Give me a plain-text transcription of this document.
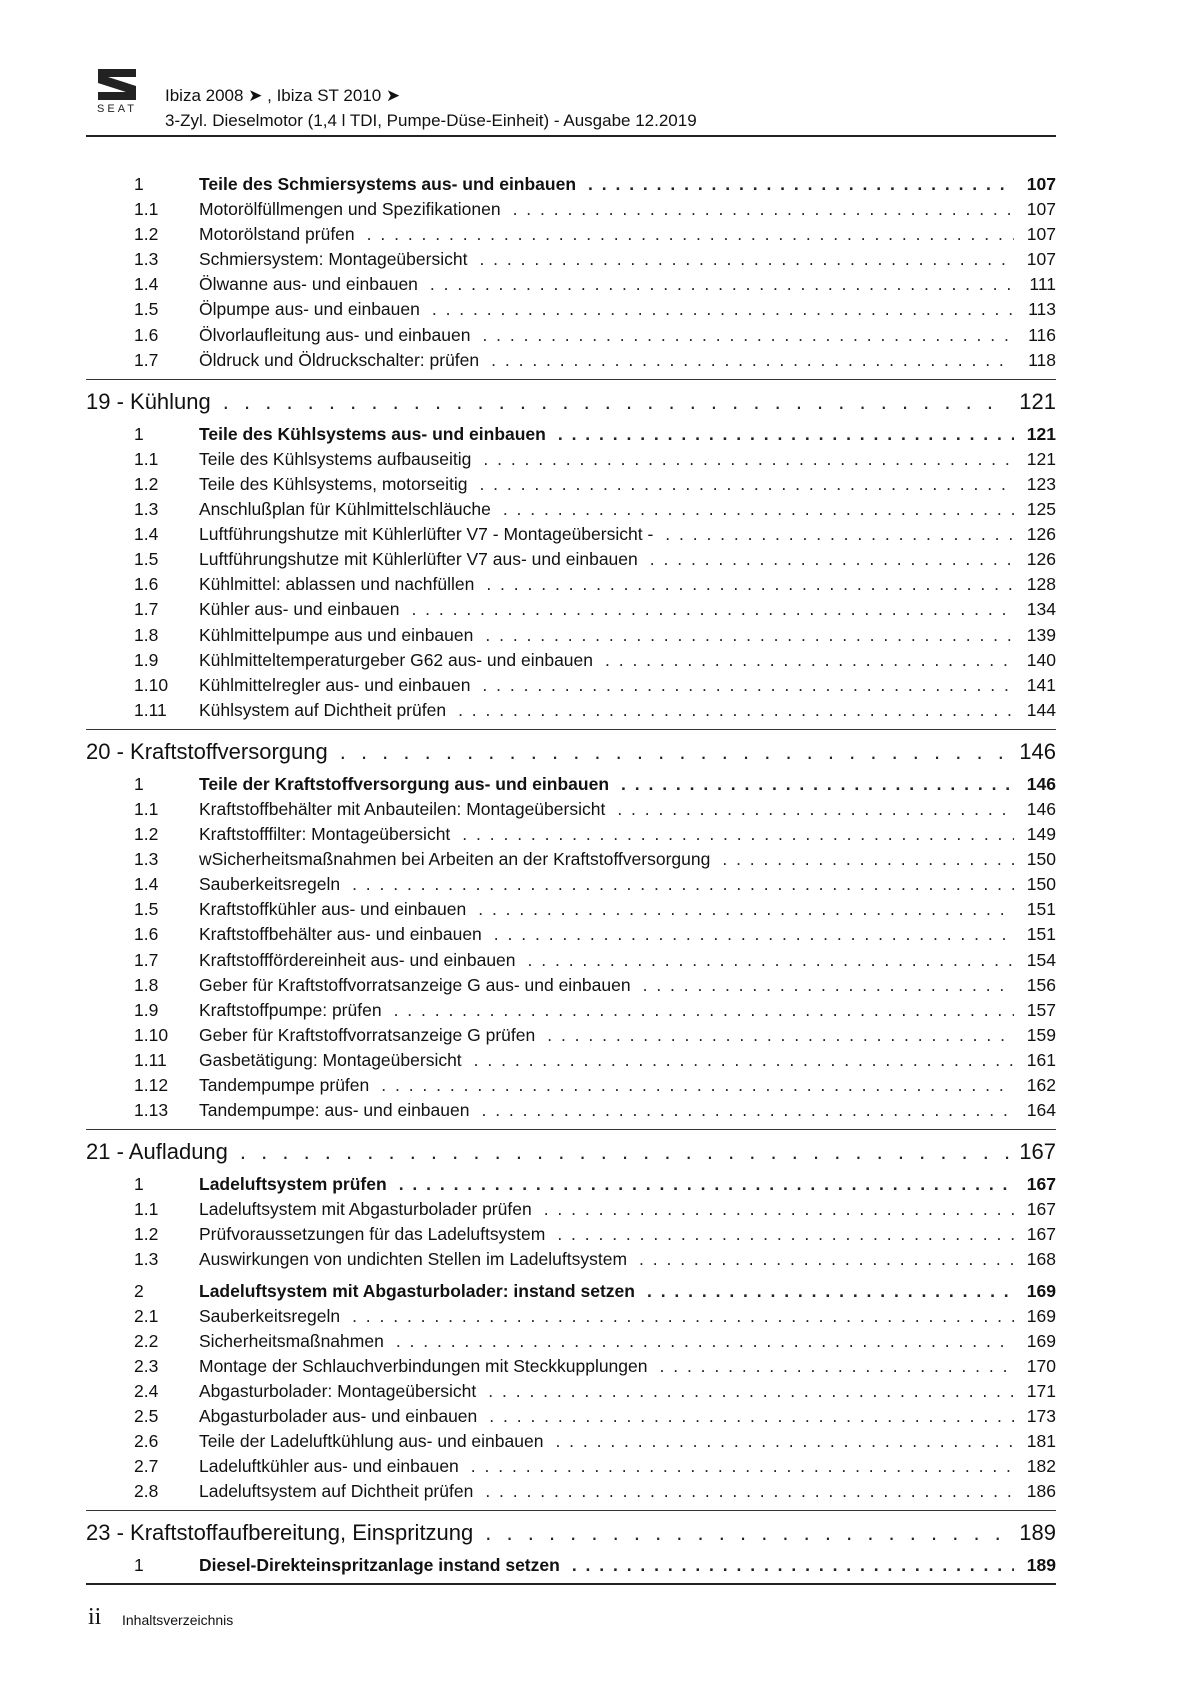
SEAT
Ibiza 2008 ➤ , Ibiza ST 2010 ➤
3-Zyl. Dieselmotor (1,4 l TDI, Pumpe-Düse-Einheit) - Ausgabe 12.2019
1	Teile des Schmiersystems aus- und einbauen . . .	107
1.1	Motorölfüllmengen und Spezifikationen . . .	107
1.2	Motorölstand prüfen . . .	107
1.3	Schmiersystem: Montageübersicht . . .	107
1.4	Ölwanne aus- und einbauen . . .	111
1.5	Ölpumpe aus- und einbauen . . .	113
1.6	Ölvorlaufleitung aus- und einbauen . . .	116
1.7	Öldruck und Öldruckschalter: prüfen . . .	118
19 - Kühlung . . .	121
1	Teile des Kühlsystems aus- und einbauen . . .	121
1.1	Teile des Kühlsystems aufbauseitig . . .	121
1.2	Teile des Kühlsystems, motorseitig . . .	123
1.3	Anschlußplan für Kühlmittelschläuche . . .	125
1.4	Luftführungshutze mit Kühlerlüfter V7 - Montageübersicht - . . .	126
1.5	Luftführungshutze mit Kühlerlüfter V7 aus- und einbauen . . .	126
1.6	Kühlmittel: ablassen und nachfüllen . . .	128
1.7	Kühler aus- und einbauen . . .	134
1.8	Kühlmittelpumpe aus und einbauen . . .	139
1.9	Kühlmitteltemperaturgeber G62 aus- und einbauen . . .	140
1.10	Kühlmittelregler aus- und einbauen . . .	141
1.11	Kühlsystem auf Dichtheit prüfen . . .	144
20 - Kraftstoffversorgung . . .	146
1	Teile der Kraftstoffversorgung aus- und einbauen . . .	146
1.1	Kraftstoffbehälter mit Anbauteilen: Montageübersicht . . .	146
1.2	Kraftstofffilter: Montageübersicht . . .	149
1.3	wSicherheitsmaßnahmen bei Arbeiten an der Kraftstoffversorgung . . .	150
1.4	Sauberkeitsregeln . . .	150
1.5	Kraftstoffkühler aus- und einbauen . . .	151
1.6	Kraftstoffbehälter aus- und einbauen . . .	151
1.7	Kraftstofffördereinheit aus- und einbauen . . .	154
1.8	Geber für Kraftstoffvorratsanzeige G aus- und einbauen . . .	156
1.9	Kraftstoffpumpe: prüfen . . .	157
1.10	Geber für Kraftstoffvorratsanzeige G prüfen . . .	159
1.11	Gasbetätigung: Montageübersicht . . .	161
1.12	Tandempumpe prüfen . . .	162
1.13	Tandempumpe: aus- und einbauen . . .	164
21 - Aufladung . . .	167
1	Ladeluftsystem prüfen . . .	167
1.1	Ladeluftsystem mit Abgasturbolader prüfen . . .	167
1.2	Prüfvoraussetzungen für das Ladeluftsystem . . .	167
1.3	Auswirkungen von undichten Stellen im Ladeluftsystem . . .	168
2	Ladeluftsystem mit Abgasturbolader: instand setzen . . .	169
2.1	Sauberkeitsregeln . . .	169
2.2	Sicherheitsmaßnahmen . . .	169
2.3	Montage der Schlauchverbindungen mit Steckkupplungen . . .	170
2.4	Abgasturbolader: Montageübersicht . . .	171
2.5	Abgasturbolader aus- und einbauen . . .	173
2.6	Teile der Ladeluftkühlung aus- und einbauen . . .	181
2.7	Ladeluftkühler aus- und einbauen . . .	182
2.8	Ladeluftsystem auf Dichtheit prüfen . . .	186
23 - Kraftstoffaufbereitung, Einspritzung . . .	189
1	Diesel-Direkteinspritzanlage instand setzen . . .	189
ii Inhaltsverzeichnis
